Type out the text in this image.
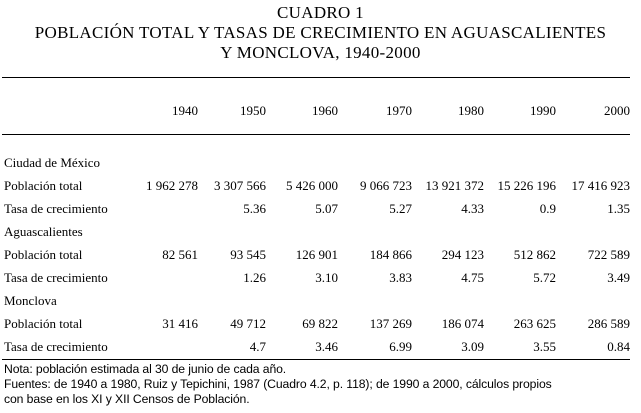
CUADRO 1
POBLACIÓN TOTAL Y TASAS DE CRECIMIENTO EN AGUASCALIENTES
Y MONCLOVA, 1940-2000
	1940	1950	1960	1970	1980	1990	2000

Ciudad de México							
Población total	1 962 278	3 307 566	5 426 000	9 066 723	13 921 372	15 226 196	17 416 923
Tasa de crecimiento		5.36	5.07	5.27	4.33	0.9	1.35
Aguascalientes							
Población total	82 561	93 545	126 901	184 866	294 123	512 862	722 589
Tasa de crecimiento		1.26	3.10	3.83	4.75	5.72	3.49
Monclova							
Población total	31 416	49 712	69 822	137 269	186 074	263 625	286 589
Tasa de crecimiento		4.7	3.46	6.99	3.09	3.55	0.84
Nota: población estimada al 30 de junio de cada año.
Fuentes: de 1940 a 1980, Ruiz y Tepichini, 1987 (Cuadro 4.2, p. 118); de 1990 a 2000, cálculos propios
con base en los XI y XII Censos de Población.
